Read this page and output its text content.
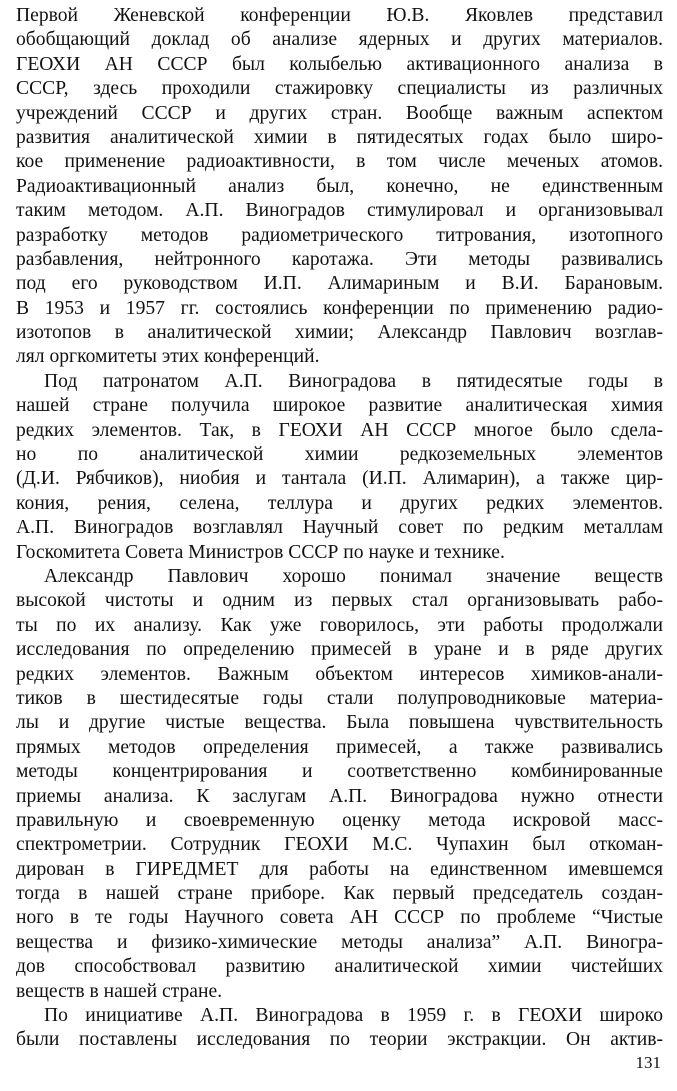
Первой Женевской конференции Ю.В. Яковлев представил
обобщающий доклад об анализе ядерных и других материалов.
ГЕОХИ АН СССР был колыбелью активационного анализа в
СССР, здесь проходили стажировку специалисты из различных
учреждений СССР и других стран. Вообще важным аспектом
развития аналитической химии в пятидесятых годах было широ-
кое применение радиоактивности, в том числе меченых атомов.
Радиоактивационный анализ был, конечно, не единственным
таким методом. А.П. Виноградов стимулировал и организовывал
разработку методов радиометрического титрования, изотопного
разбавления, нейтронного каротажа. Эти методы развивались
под его руководством И.П. Алимариным и В.И. Барановым.
В 1953 и 1957 гг. состоялись конференции по применению радио-
изотопов в аналитической химии; Александр Павлович возглав-
лял оргкомитеты этих конференций.
Под патронатом А.П. Виноградова в пятидесятые годы в
нашей стране получила широкое развитие аналитическая химия
редких элементов. Так, в ГЕОХИ АН СССР многое было сдела-
но по аналитической химии редкоземельных элементов
(Д.И. Рябчиков), ниобия и тантала (И.П. Алимарин), а также цир-
кония, рения, селена, теллура и других редких элементов.
А.П. Виноградов возглавлял Научный совет по редким металлам
Госкомитета Совета Министров СССР по науке и технике.
Александр Павлович хорошо понимал значение веществ
высокой чистоты и одним из первых стал организовывать рабо-
ты по их анализу. Как уже говорилось, эти работы продолжали
исследования по определению примесей в уране и в ряде других
редких элементов. Важным объектом интересов химиков-анали-
тиков в шестидесятые годы стали полупроводниковые материа-
лы и другие чистые вещества. Была повышена чувствительность
прямых методов определения примесей, а также развивались
методы концентрирования и соответственно комбинированные
приемы анализа. К заслугам А.П. Виноградова нужно отнести
правильную и своевременную оценку метода искровой масс-
спектрометрии. Сотрудник ГЕОХИ М.С. Чупахин был откоман-
дирован в ГИРЕДМЕТ для работы на единственном имевшемся
тогда в нашей стране приборе. Как первый председатель создан-
ного в те годы Научного совета АН СССР по проблеме “Чистые
вещества и физико-химические методы анализа” А.П. Виногра-
дов способствовал развитию аналитической химии чистейших
веществ в нашей стране.
По инициативе А.П. Виноградова в 1959 г. в ГЕОХИ широко
были поставлены исследования по теории экстракции. Он актив-
131
